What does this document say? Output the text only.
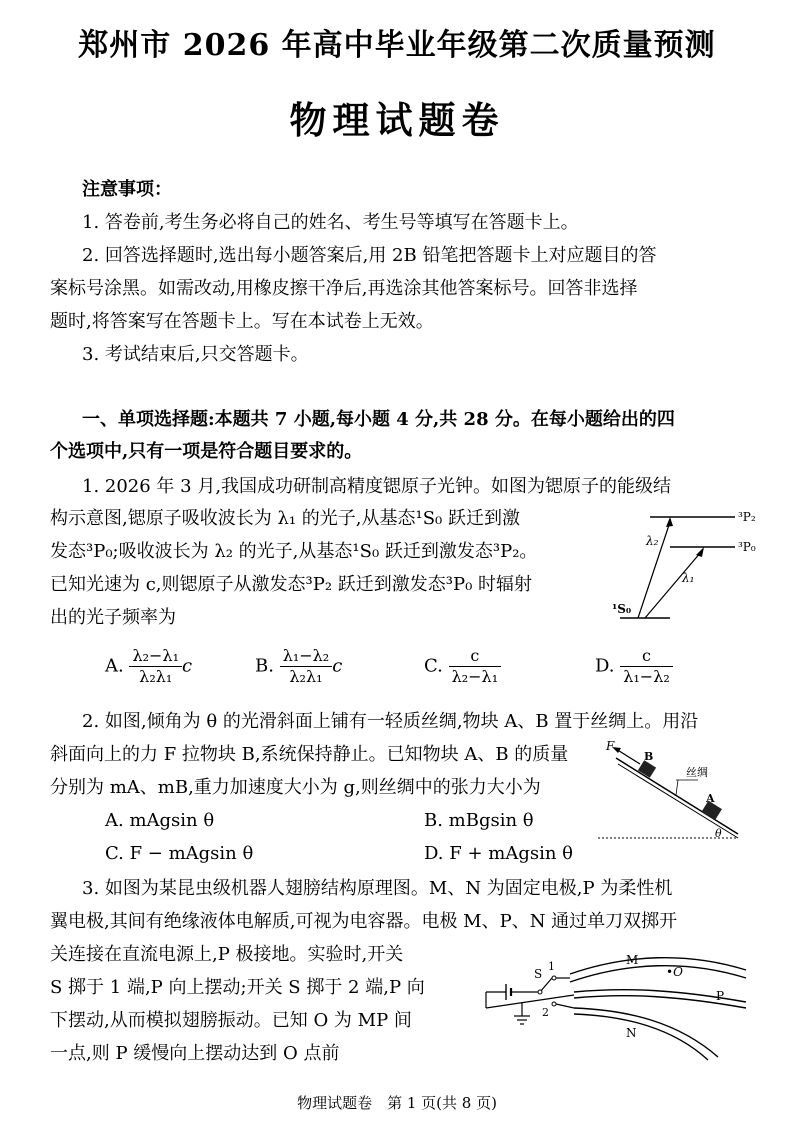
郑州市 2026 年高中毕业年级第二次质量预测
物理试题卷
注意事项：
1. 答卷前,考生务必将自己的姓名、考生号等填写在答题卡上。
2. 回答选择题时,选出每小题答案后,用 2B 铅笔把答题卡上对应题目的答
案标号涂黑。如需改动,用橡皮擦干净后,再选涂其他答案标号。回答非选择
题时,将答案写在答题卡上。写在本试卷上无效。
3. 考试结束后,只交答题卡。
一、单项选择题:本题共 7 小题,每小题 4 分,共 28 分。在每小题给出的四
个选项中,只有一项是符合题目要求的。
1. 2026 年 3 月,我国成功研制高精度锶原子光钟。如图为锶原子的能级结
构示意图,锶原子吸收波长为 λ₁ 的光子,从基态¹S₀ 跃迁到激
发态³P₀;吸收波长为 λ₂ 的光子,从基态¹S₀ 跃迁到激发态³P₂。
已知光速为 c,则锶原子从激发态³P₂ 跃迁到激发态³P₀ 时辐射
出的光子频率为
³P₂
³P₀
¹S₀
λ₂
λ₁
A. $\frac{\text{λ₂−λ₁}}{\text{λ₂λ₁}}$ c	B. $\frac{\text{λ₁−λ₂}}{\text{λ₂λ₁}}$ c	C. $\frac{c}{\text{λ₂−λ₁}}$	D. $\frac{c}{\text{λ₁−λ₂}}$
2. 如图,倾角为 θ 的光滑斜面上铺有一轻质丝绸,物块 A、B 置于丝绸上。用沿
斜面向上的力 F 拉物块 B,系统保持静止。已知物块 A、B 的质量
分别为 mA、mB,重力加速度大小为 g,则丝绸中的张力大小为
F
B
A
丝绸
θ
A. mAgsin θ	B. mBgsin θ
C. F − mAgsin θ	D. F + mAgsin θ
3. 如图为某昆虫级机器人翅膀结构原理图。M、N 为固定电极,P 为柔性机
翼电极,其间有绝缘液体电解质,可视为电容器。电极 M、P、N 通过单刀双掷开
关连接在直流电源上,P 极接地。实验时,开关
S 掷于 1 端,P 向上摆动;开关 S 掷于 2 端,P 向
下摆动,从而模拟翅膀振动。已知 O 为 MP 间
一点,则 P 缓慢向上摆动达到 O 点前
S
1
2
M
•O
P
N
物理试题卷　第 1 页(共 8 页)
